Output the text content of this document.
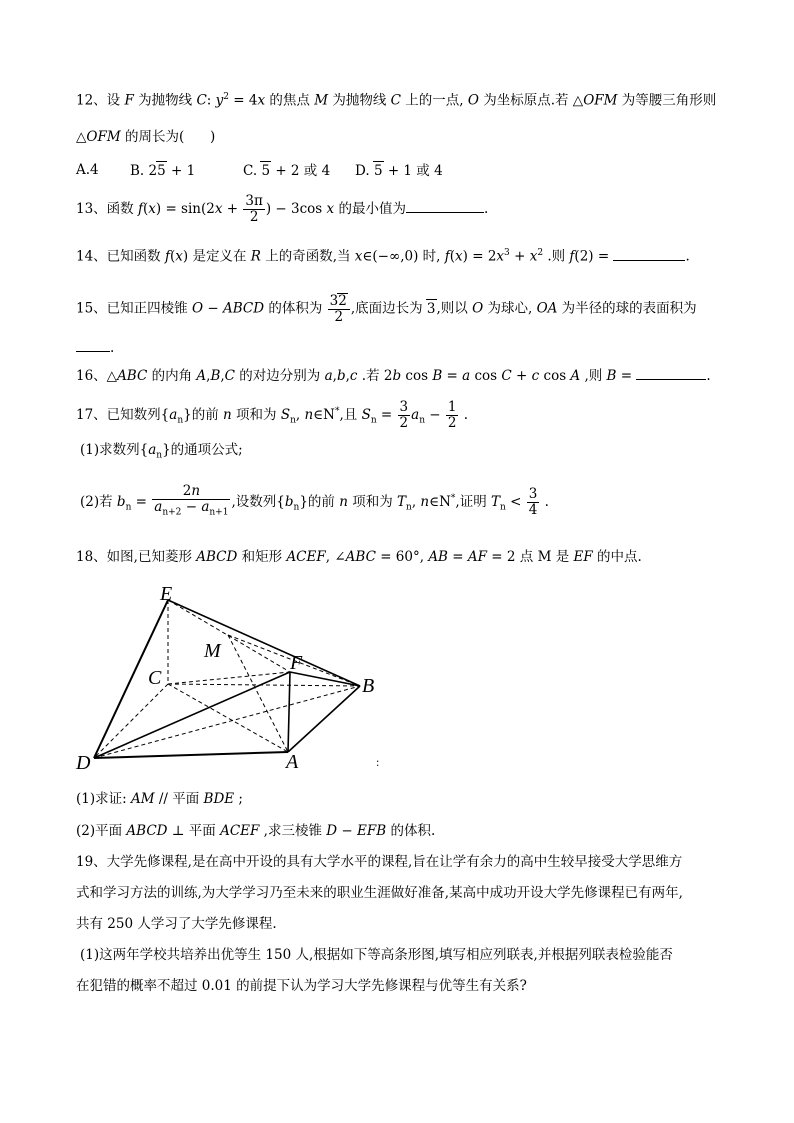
12、设 F 为抛物线 C: $y^2 = 4x$ 的焦点 M 为抛物线 C 上的一点, O 为坐标原点.若 △OFM 为等腰三角形则
△OFM 的周长为(      )
A.4 B. 25 + 1	C. 5 + 2 或 4 D. 5 + 1 或 4
13、函数 $f(x) = \sin(2x + \frac{3\pi}{2}$ ) − 3cos x 的最小值为	.
14、已知函数 f(x) 是定义在 R 上的奇函数,当 x∈(−∞,0) 时, $f(x) = 2x^3 + x^2$ .则 f(2) =	.
15、已知正四棱锥 O − ABCD 的体积为 $\frac{32}{2}$ ,底面边长为 3,则以 O 为球心, OA 为半径的球的表面积为
.
16、△ABC 的内角 A,B,C 的对边分别为 a,b,c .若 2b cos B = a cos C + c cos A ,则 B =	.
17、已知数列$\{a_n\}$的前 n 项和为 $S_n$, n∈N*,且 $S_n = \frac{3}{2} a_n - \frac{1}{2}$ .
(1)求数列$\{a_n\}$的通项公式;
(2)若 $b_n = \frac{2n}{a_{n+2} - a_{n+1}}$ ,设数列$\{b_n\}$的前 n 项和为 $T_n$, n∈N*,证明 $T_n < \frac{3}{4}$ .
18、如图,已知菱形 ABCD 和矩形 ACEF, ∠ABC = 60°, AB = AF = 2 点 M 是 EF 的中点.
E
M
F
C	B
D	A	:
(1)求证: AM // 平面 BDE ;
(2)平面 ABCD ⊥ 平面 ACEF ,求三棱锥 D − EFB 的体积.
19、大学先修课程,是在高中开设的具有大学水平的课程,旨在让学有余力的高中生较早接受大学思维方
式和学习方法的训练,为大学学习乃至未来的职业生涯做好准备,某高中成功开设大学先修课程已有两年,
共有 250 人学习了大学先修课程.
(1)这两年学校共培养出优等生 150 人,根据如下等高条形图,填写相应列联表,并根据列联表检验能否
在犯错的概率不超过 0.01 的前提下认为学习大学先修课程与优等生有关系?
